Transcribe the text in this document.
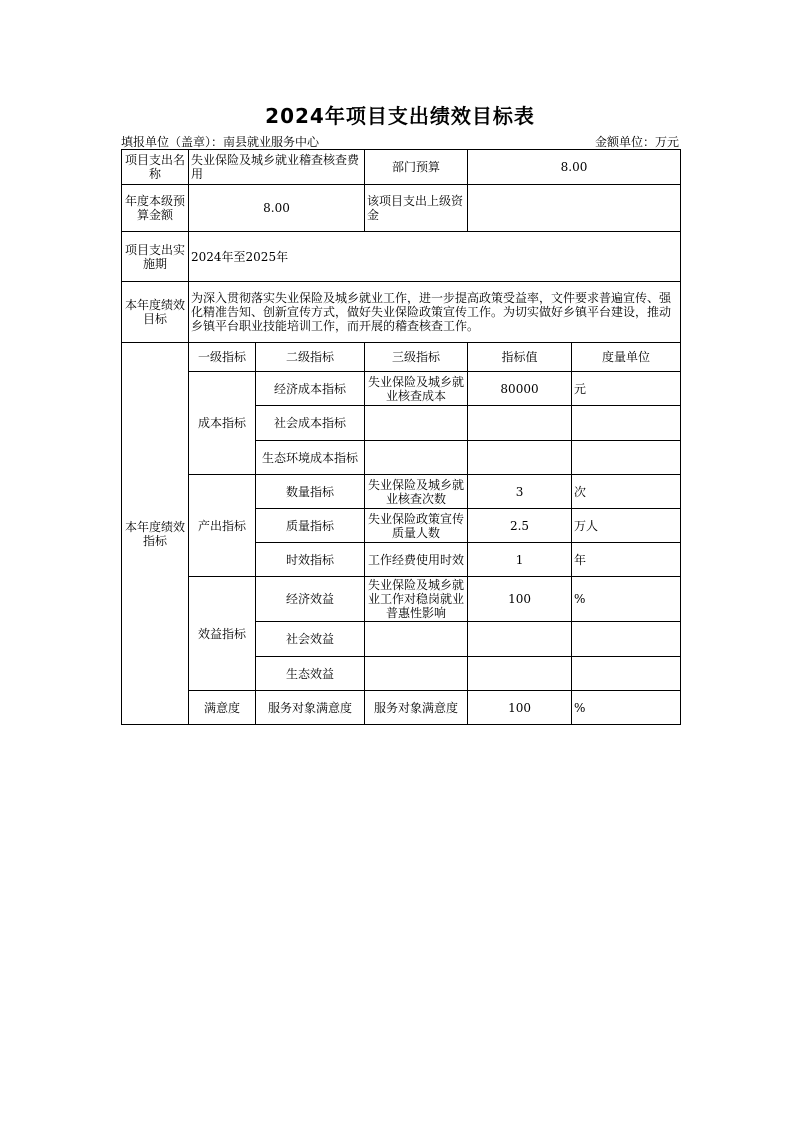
2024年项目支出绩效目标表
填报单位（盖章）：南县就业服务中心	金额单位：万元
项目支出名称	失业保险及城乡就业稽查核查费用		部门预算	8.00	
年度本级预算金额	8.00		该项目支出上级资金		
项目支出实施期	2024年至2025年				
本年度绩效目标	为深入贯彻落实失业保险及城乡就业工作，进一步提高政策受益率，文件要求普遍宣传、强化精准告知、创新宣传方式，做好失业保险政策宣传工作。为切实做好乡镇平台建设，推动乡镇平台职业技能培训工作，而开展的稽查核查工作。				
本年度绩效指标	一级指标	二级指标	三级指标	指标值	度量单位
	成本指标	经济成本指标	失业保险及城乡就业核查成本	80000	元
		社会成本指标			
		生态环境成本指标			
	产出指标	数量指标	失业保险及城乡就业核查次数	3	次
		质量指标	失业保险政策宣传质量人数	2.5	万人
		时效指标	工作经费使用时效	1	年
	效益指标	经济效益	失业保险及城乡就业工作对稳岗就业普惠性影响	100	%
		社会效益			
		生态效益			
	满意度	服务对象满意度	服务对象满意度	100	%
